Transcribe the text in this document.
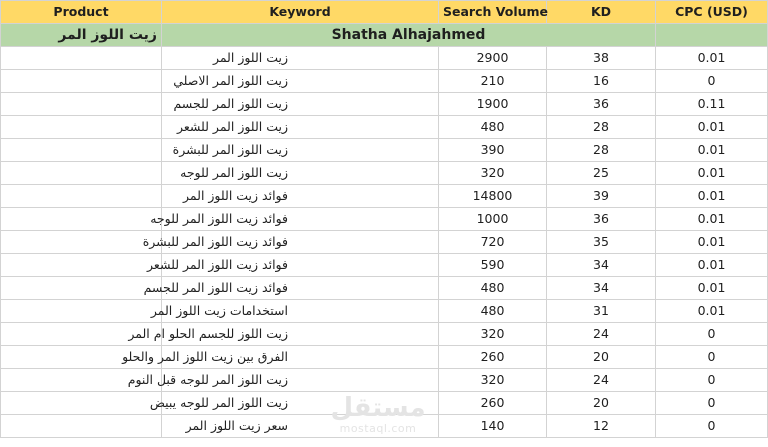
Product	Keyword	Search Volume	KD	CPC (USD)
زيت اللوز المر	Shatha Alhajahmed			
	زيت اللوز المر	2900	38	0.01
	زيت اللوز المر الاصلي	210	16	0
	زيت اللوز المر للجسم	1900	36	0.11
	زيت اللوز المر للشعر	480	28	0.01
	زيت اللوز المر للبشرة	390	28	0.01
	زيت اللوز المر للوجه	320	25	0.01
	فوائد زيت اللوز المر	14800	39	0.01
	فوائد زيت اللوز المر للوجه	1000	36	0.01
	فوائد زيت اللوز المر للبشرة	720	35	0.01
	فوائد زيت اللوز المر للشعر	590	34	0.01
	فوائد زيت اللوز المر للجسم	480	34	0.01
	استخدامات زيت اللوز المر	480	31	0.01
	زيت اللوز للجسم الحلو ام المر	320	24	0
	الفرق بين زيت اللوز المر والحلو	260	20	0
	زيت اللوز المر للوجه قبل النوم	320	24	0
	زيت اللوز المر للوجه يبيض	260	20	0
	سعر زيت اللوز المر	140	12	0
مستقل
mostaql.com
